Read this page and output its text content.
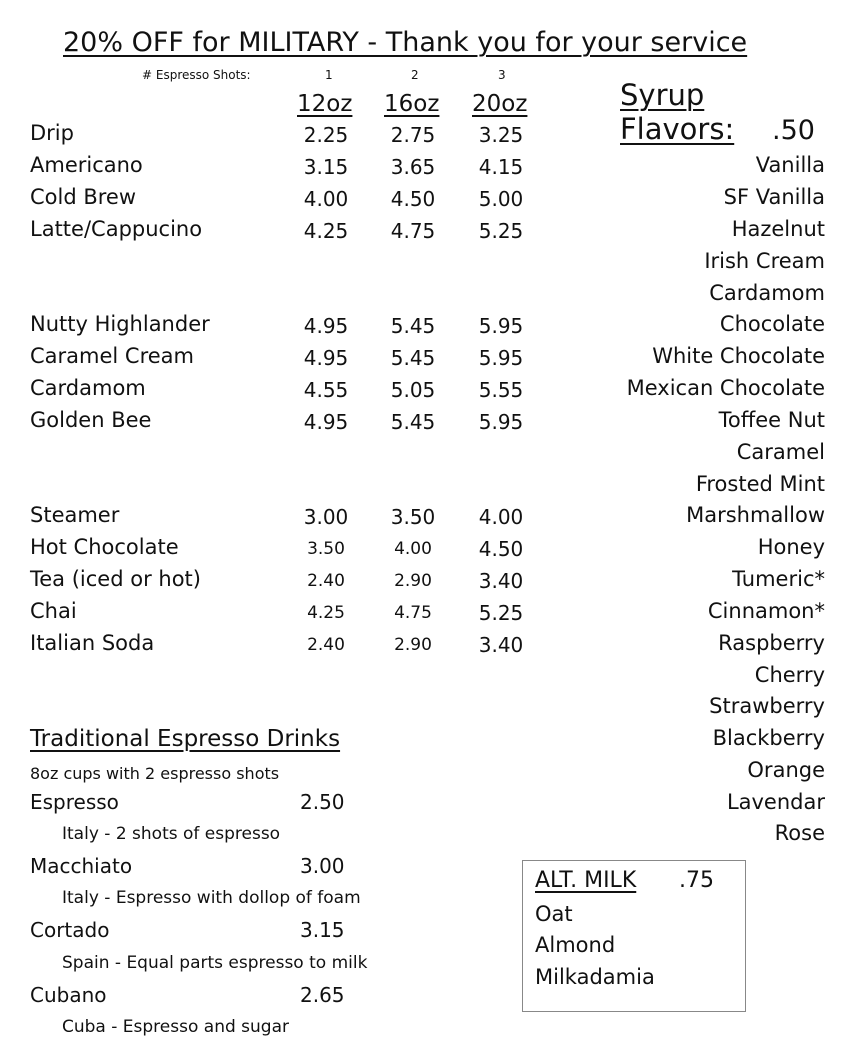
20% OFF for MILITARY - Thank you for your service
# Espresso Shots:	1	2	3
12oz 16oz 20oz
Drip	2.25	2.75	3.25
Americano	3.15	3.65	4.15
Cold Brew	4.00	4.50	5.00
Latte/Cappucino	4.25	4.75	5.25
Nutty Highlander	4.95	5.45	5.95
Caramel Cream	4.95	5.45	5.95
Cardamom	4.55	5.05	5.55
Golden Bee	4.95	5.45	5.95
Steamer	3.00	3.50	4.00
Hot Chocolate	3.50	4.00	4.50
Tea (iced or hot)	2.40	2.90	3.40
Chai	4.25	4.75	5.25
Italian Soda	2.40	2.90	3.40
Syrup
Flavors: .50
Vanilla
SF Vanilla
Hazelnut
Irish Cream
Cardamom
Chocolate
White Chocolate
Mexican Chocolate
Toffee Nut
Caramel
Frosted Mint
Marshmallow
Honey
Tumeric*
Cinnamon*
Raspberry
Cherry
Strawberry
Blackberry
Orange
Lavendar
Rose
Traditional Espresso Drinks
8oz cups with 2 espresso shots
Espresso	2.50
Italy - 2 shots of espresso
Macchiato	3.00
Italy - Espresso with dollop of foam
Cortado	3.15
Spain - Equal parts espresso to milk
Cubano	2.65
Cuba - Espresso and sugar
ALT. MILK .75
Oat
Almond
Milkadamia
